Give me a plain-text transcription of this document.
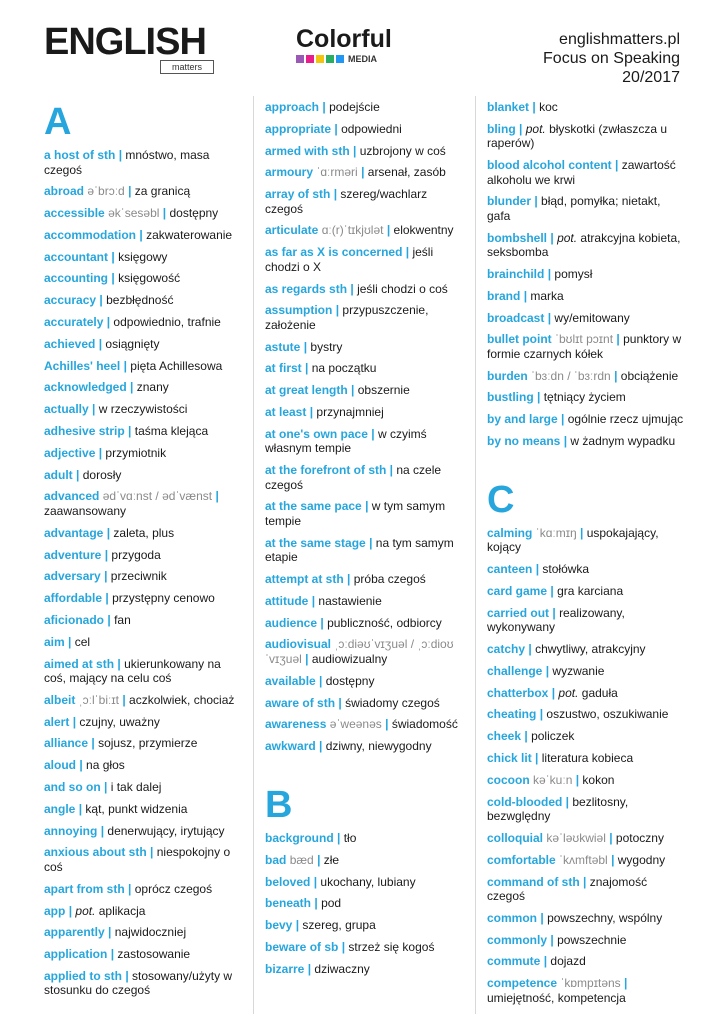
ENGLISH
matters
Colorful
MEDIA
englishmatters.pl
Focus on Speaking
20/2017
A
a host of sth | mnóstwo, masa czegoś
abroad əˈbrɔːd | za granicą
accessible əkˈsesəbl | dostępny
accommodation | zakwaterowanie
accountant | księgowy
accounting | księgowość
accuracy | bezbłędność
accurately | odpowiednio, trafnie
achieved | osiągnięty
Achilles' heel | pięta Achillesowa
acknowledged | znany
actually | w rzeczywistości
adhesive strip | taśma klejąca
adjective | przymiotnik
adult | dorosły
advanced ədˈvɑːnst / ədˈvænst | zaawansowany
advantage | zaleta, plus
adventure | przygoda
adversary | przeciwnik
affordable | przystępny cenowo
aficionado | fan
aim | cel
aimed at sth | ukierunkowany na coś, mający na celu coś
albeit ˌɔːlˈbiːɪt | aczkolwiek, chociaż
alert | czujny, uważny
alliance | sojusz, przymierze
aloud | na głos
and so on | i tak dalej
angle | kąt, punkt widzenia
annoying | denerwujący, irytujący
anxious about sth | niespokojny o coś
apart from sth | oprócz czegoś
app | pot. aplikacja
apparently | najwidoczniej
application | zastosowanie
applied to sth | stosowany/użyty w stosunku do czegoś
approach | podejście
appropriate | odpowiedni
armed with sth | uzbrojony w coś
armoury ˈɑːrməri | arsenał, zasób
array of sth | szereg/wachlarz czegoś
articulate ɑː(r)ˈtɪkjʊlət | elokwentny
as far as X is concerned | jeśli chodzi o X
as regards sth | jeśli chodzi o coś
assumption | przypuszczenie, założenie
astute | bystry
at first | na początku
at great length | obszernie
at least | przynajmniej
at one's own pace | w czyimś własnym tempie
at the forefront of sth | na czele czegoś
at the same pace | w tym samym tempie
at the same stage | na tym samym etapie
attempt at sth | próba czegoś
attitude | nastawienie
audience | publiczność, odbiorcy
audiovisual ˌɔːdiəʊˈvɪʒuəl / ˌɔːdioʊˈvɪʒuəl | audiowizualny
available | dostępny
aware of sth | świadomy czegoś
awareness əˈweənəs | świadomość
awkward | dziwny, niewygodny
B
background | tło
bad bæd | złe
beloved | ukochany, lubiany
beneath | pod
bevy | szereg, grupa
beware of sb | strzeż się kogoś
bizarre | dziwaczny
blanket | koc
bling | pot. błyskotki (zwłaszcza u raperów)
blood alcohol content | zawartość alkoholu we krwi
blunder | błąd, pomyłka; nietakt, gafa
bombshell | pot. atrakcyjna kobieta, seksbomba
brainchild | pomysł
brand | marka
broadcast | wy/emitowany
bullet point ˈbʊlɪt pɔɪnt | punktory w formie czarnych kółek
burden ˈbɜːdn / ˈbɜːrdn | obciążenie
bustling | tętniący życiem
by and large | ogólnie rzecz ujmując
by no means | w żadnym wypadku
C
calming ˈkɑːmɪŋ | uspokajający, kojący
canteen | stołówka
card game | gra karciana
carried out | realizowany, wykonywany
catchy | chwytliwy, atrakcyjny
challenge | wyzwanie
chatterbox | pot. gaduła
cheating | oszustwo, oszukiwanie
cheek | policzek
chick lit | literatura kobieca
cocoon kəˈkuːn | kokon
cold-blooded | bezlitosny, bezwględny
colloquial kəˈləʊkwiəl | potoczny
comfortable ˈkʌmftəbl | wygodny
command of sth | znajomość czegoś
common | powszechny, wspólny
commonly | powszechnie
commute | dojazd
competence ˈkɒmpɪtəns | umiejętność, kompetencja
